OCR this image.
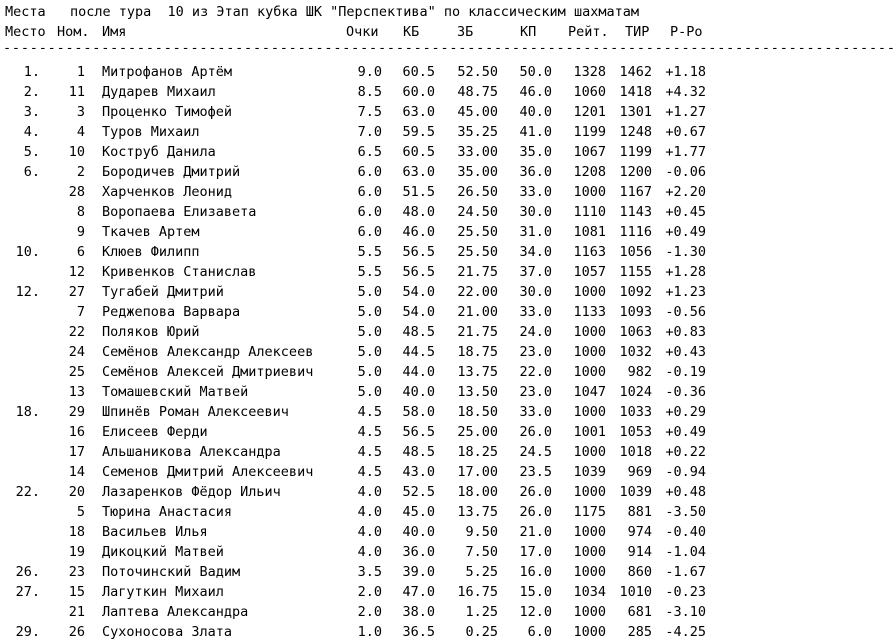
Места   после тура  10 из Этап кубка ШК "Перспектива" по классическим шахматам
Место Ном. Имя	Очки КБ	ЗБ	КП Рейт. ТИР Р-Ро
----------------------------------------------------------------------------------------------------
1.	1 Митрофанов Артём	9.0	60.5	52.50	50.0	1328 1462 +1.18
2.	11 Дударев Михаил	8.5	60.0	48.75	46.0	1060 1418 +4.32
3.	3 Проценко Тимофей	7.5	63.0	45.00	40.0	1201 1301 +1.27
4.	4 Туров Михаил	7.0	59.5	35.25	41.0	1199 1248 +0.67
5.	10 Коструб Данила	6.5	60.5	33.00	35.0	1067 1199 +1.77
6.	2 Бородичев Дмитрий	6.0	63.0	35.00	36.0	1208 1200 -0.06
28 Харченков Леонид	6.0	51.5	26.50	33.0	1000 1167 +2.20
8 Воропаева Елизавета	6.0	48.0	24.50	30.0	1110 1143 +0.45
9 Ткачев Артем	6.0	46.0	25.50	31.0	1081 1116 +0.49
10.	6 Клюев Филипп	5.5	56.5	25.50	34.0	1163 1056 -1.30
12 Кривенков Станислав	5.5	56.5	21.75	37.0	1057 1155 +1.28
12.	27 Тугабей Дмитрий	5.0	54.0	22.00	30.0	1000 1092 +1.23
7 Реджепова Варвара	5.0	54.0	21.00	33.0	1133 1093 -0.56
22 Поляков Юрий	5.0	48.5	21.75	24.0	1000 1063 +0.83
24 Семёнов Александр Алексеев	5.0	44.5	18.75	23.0	1000 1032 +0.43
25 Семёнов Алексей Дмитриевич	5.0	44.0	13.75	22.0	1000	982 -0.19
13 Томашевский Матвей	5.0	40.0	13.50	23.0	1047 1024 -0.36
18.	29 Шпинёв Роман Алексеевич	4.5	58.0	18.50	33.0	1000 1033 +0.29
16 Елисеев Ферди	4.5	56.5	25.00	26.0	1001 1053 +0.49
17 Альшаникова Александра	4.5	48.5	18.25	24.5	1000 1018 +0.22
14 Семенов Дмитрий Алексеевич	4.5	43.0	17.00	23.5	1039	969 -0.94
22.	20 Лазаренков Фёдор Ильич	4.0	52.5	18.00	26.0	1000 1039 +0.48
5 Тюрина Анастасия	4.0	45.0	13.75	26.0	1175	881 -3.50
18 Васильев Илья	4.0	40.0	9.50	21.0	1000	974 -0.40
19 Дикоцкий Матвей	4.0	36.0	7.50	17.0	1000	914 -1.04
26.	23 Поточинский Вадим	3.5	39.0	5.25	16.0	1000	860 -1.67
27.	15 Лагуткин Михаил	2.0	47.0	16.75	15.0	1034 1010 -0.23
21 Лаптева Александра	2.0	38.0	1.25	12.0	1000	681 -3.10
29.	26 Сухоносова Злата	1.0	36.5	0.25	6.0	1000	285 -4.25
